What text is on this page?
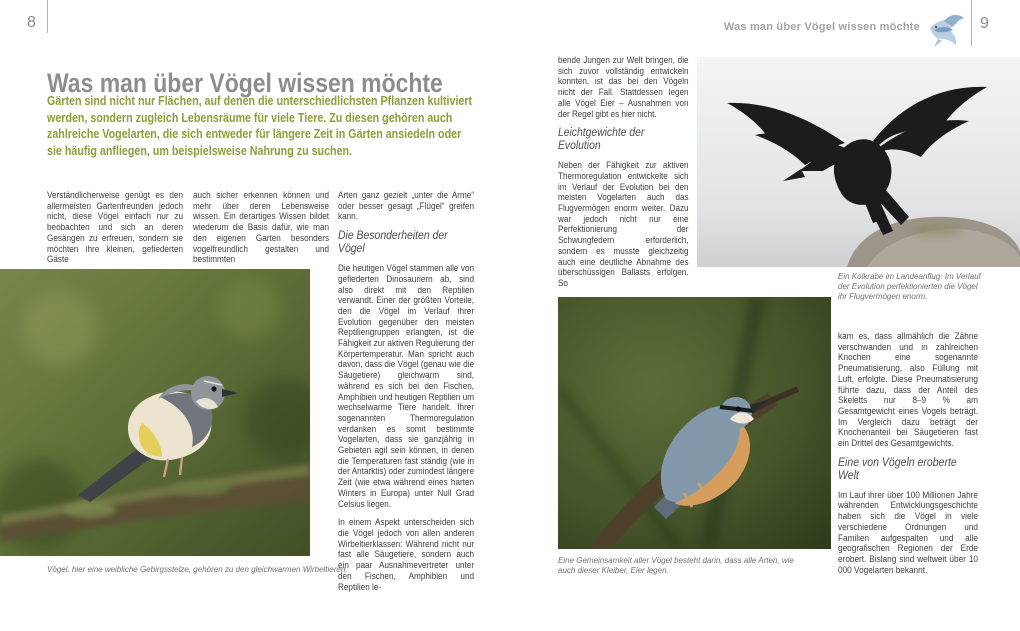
8	Was man über Vögel wissen möchte	9
Was man über Vögel wissen möchte
Gärten sind nicht nur Flächen, auf denen die unterschiedlichsten Pflanzen kultiviert werden, sondern zugleich Lebensräume für viele Tiere. Zu diesen gehören auch zahlreiche Vogelarten, die sich entweder für längere Zeit in Gärten ansiedeln oder sie häufig anfliegen, um beispielsweise Nahrung zu suchen.

Verständlicherweise genügt es den allermeisten Gartenfreunden jedoch nicht, diese Vögel einfach nur zu beobachten und sich an deren Gesängen zu erfreuen, sondern sie möchten ihre kleinen, gefiederten Gäste

auch sicher erkennen können und mehr über deren Lebensweise wissen. Ein derartiges Wissen bildet wiederum die Basis dafür, wie man den eigenen Garten besonders vogelfreundlich gestalten und bestimmten

Arten ganz gezielt „unter die Arme“ oder besser gesagt „Flügel“ greifen kann.

Die Besonderheiten der Vögel

Die heutigen Vögel stammen alle von gefiederten Dinosauriern ab, sind also direkt mit den Reptilien verwandt. Einer der größten Vorteile, den die Vögel im Verlauf ihrer Evolution gegenüber den meisten Reptiliengruppen erlangten, ist die Fähigkeit zur aktiven Regulierung der Körpertemperatur. Man spricht auch davon, dass die Vögel (genau wie die Säugetiere) gleichwarm sind, während es sich bei den Fischen, Amphibien und heutigen Reptilien um wechselwarme Tiere handelt. Ihrer sogenannten Thermoregulation verdanken es somit bestimmte Vogelarten, dass sie ganzjährig in Gebieten agil sein können, in denen die Temperaturen fast ständig (wie in der Antarktis) oder zumindest längere Zeit (wie etwa während eines harten Winters in Europa) unter Null Grad Celsius liegen.

In einem Aspekt unterscheiden sich die Vögel jedoch von allen anderen Wirbeltierklassen: Während nicht nur fast alle Säugetiere, sondern auch ein paar Ausnahmevertreter unter den Fischen, Amphibien und Reptilien le-

Vögel, hier eine weibliche Gebirgsstelze, gehören zu den gleichwarmen Wirbeltieren.

bende Jungen zur Welt bringen, die sich zuvor vollständig entwickeln konnten, ist das bei den Vögeln nicht der Fall. Stattdessen legen alle Vögel Eier – Ausnahmen von der Regel gibt es hier nicht.

Leichtgewichte der Evolution

Neben der Fähigkeit zur aktiven Thermoregulation entwickelte sich im Verlauf der Evolution bei den meisten Vogelarten auch das Flugvermögen enorm weiter. Dazu war jedoch nicht nur eine Perfektionierung der Schwungfedern erforderlich, sondern es musste gleichzeitig auch eine deutliche Abnahme des überschüssigen Ballasts erfolgen. So

Ein Kolkrabe im Landeanflug: Im Verlauf der Evolution perfektionierten die Vögel ihr Flugvermögen enorm.
Eine Gemeinsamkeit aller Vögel besteht darin, dass alle Arten, wie auch dieser Kleiber, Eier legen.

kam es, dass allmählich die Zähne verschwanden und in zahlreichen Knochen eine sogenannte Pneumatisierung, also Füllung mit Luft, erfolgte. Diese Pneumatisierung führte dazu, dass der Anteil des Skeletts nur 8–9 % am Gesamtgewicht eines Vogels beträgt. Im Vergleich dazu beträgt der Knochenanteil bei Säugetieren fast ein Drittel des Gesamtgewichts.

Eine von Vögeln eroberte Welt

Im Lauf ihrer über 100 Millionen Jahre währenden Entwicklungsgeschichte haben sich die Vögel in viele verschiedene Ordnungen und Familien aufgespalten und alle geografischen Regionen der Erde erobert. Bislang sind weltweit über 10 000 Vogelarten bekannt.
